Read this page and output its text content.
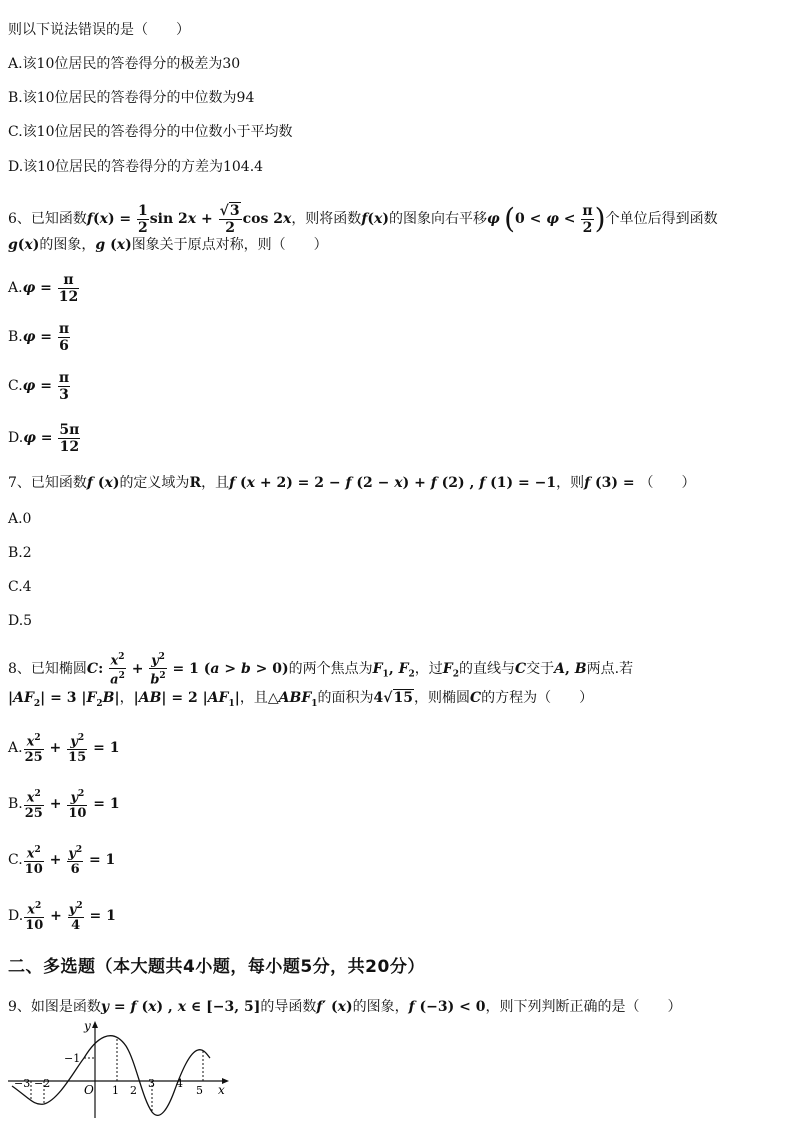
则以下说法错误的是（　　）
A.该10位居民的答卷得分的极差为30
B.该10位居民的答卷得分的中位数为94
C.该10位居民的答卷得分的中位数小于平均数
D.该10位居民的答卷得分的方差为104.4
6、已知函数$f(x) = \frac{1}{2}$ $\sin 2x + \frac{√3}{2}$ cos 2x，则将函数f(x)的图象向右平移φ ($0 < \varphi < \frac{\pi}{2}$ )个单位后得到函数
g(x)的图象，g (x)图象关于原点对称，则（　　）
$A.\varphi = \frac{\pi}{12}$
$B.\varphi = \frac{\pi}{6}$
$C.\varphi = \frac{\pi}{3}$
$D.\varphi = \frac{5\pi}{12}$
7、已知函数f (x)的定义域为R，且f (x + 2) = 2 − f (2 − x) + f (2) , f (1) = −1，则f (3) = （　　）
A.0
B.2
C.4
D.5
8、已知椭圆C: $\frac{x^2}{a^2} + \frac{y^2}{b^2} = 1$ (a > b > 0)的两个焦点为$F_1$, $F_2$，过$F_2$的直线与C交于A, B两点.若
$|AF_2| = 3$ $|F_2B|$，|AB| = 2 $|AF_1|$，且$\triangle ABF_1$的面积为4√15，则椭圆C的方程为（　　）
A. $\frac{x^2}{25} + \frac{y^2}{15} = 1$
B. $\frac{x^2}{25} + \frac{y^2}{10} = 1$
C. $\frac{x^2}{10} + \frac{y^2}{6} = 1$
D. $\frac{x^2}{10} + \frac{y^2}{4} = 1$
二、多选题（本大题共4小题，每小题5分，共20分）
9、如图是函数y = f (x) , x ∈ [−3, 5]的导函数f′ (x)的图象，f (−3) < 0，则下列判断正确的是（　　）
y
x
O
−3 −2
1 2
3 4
5
−1
